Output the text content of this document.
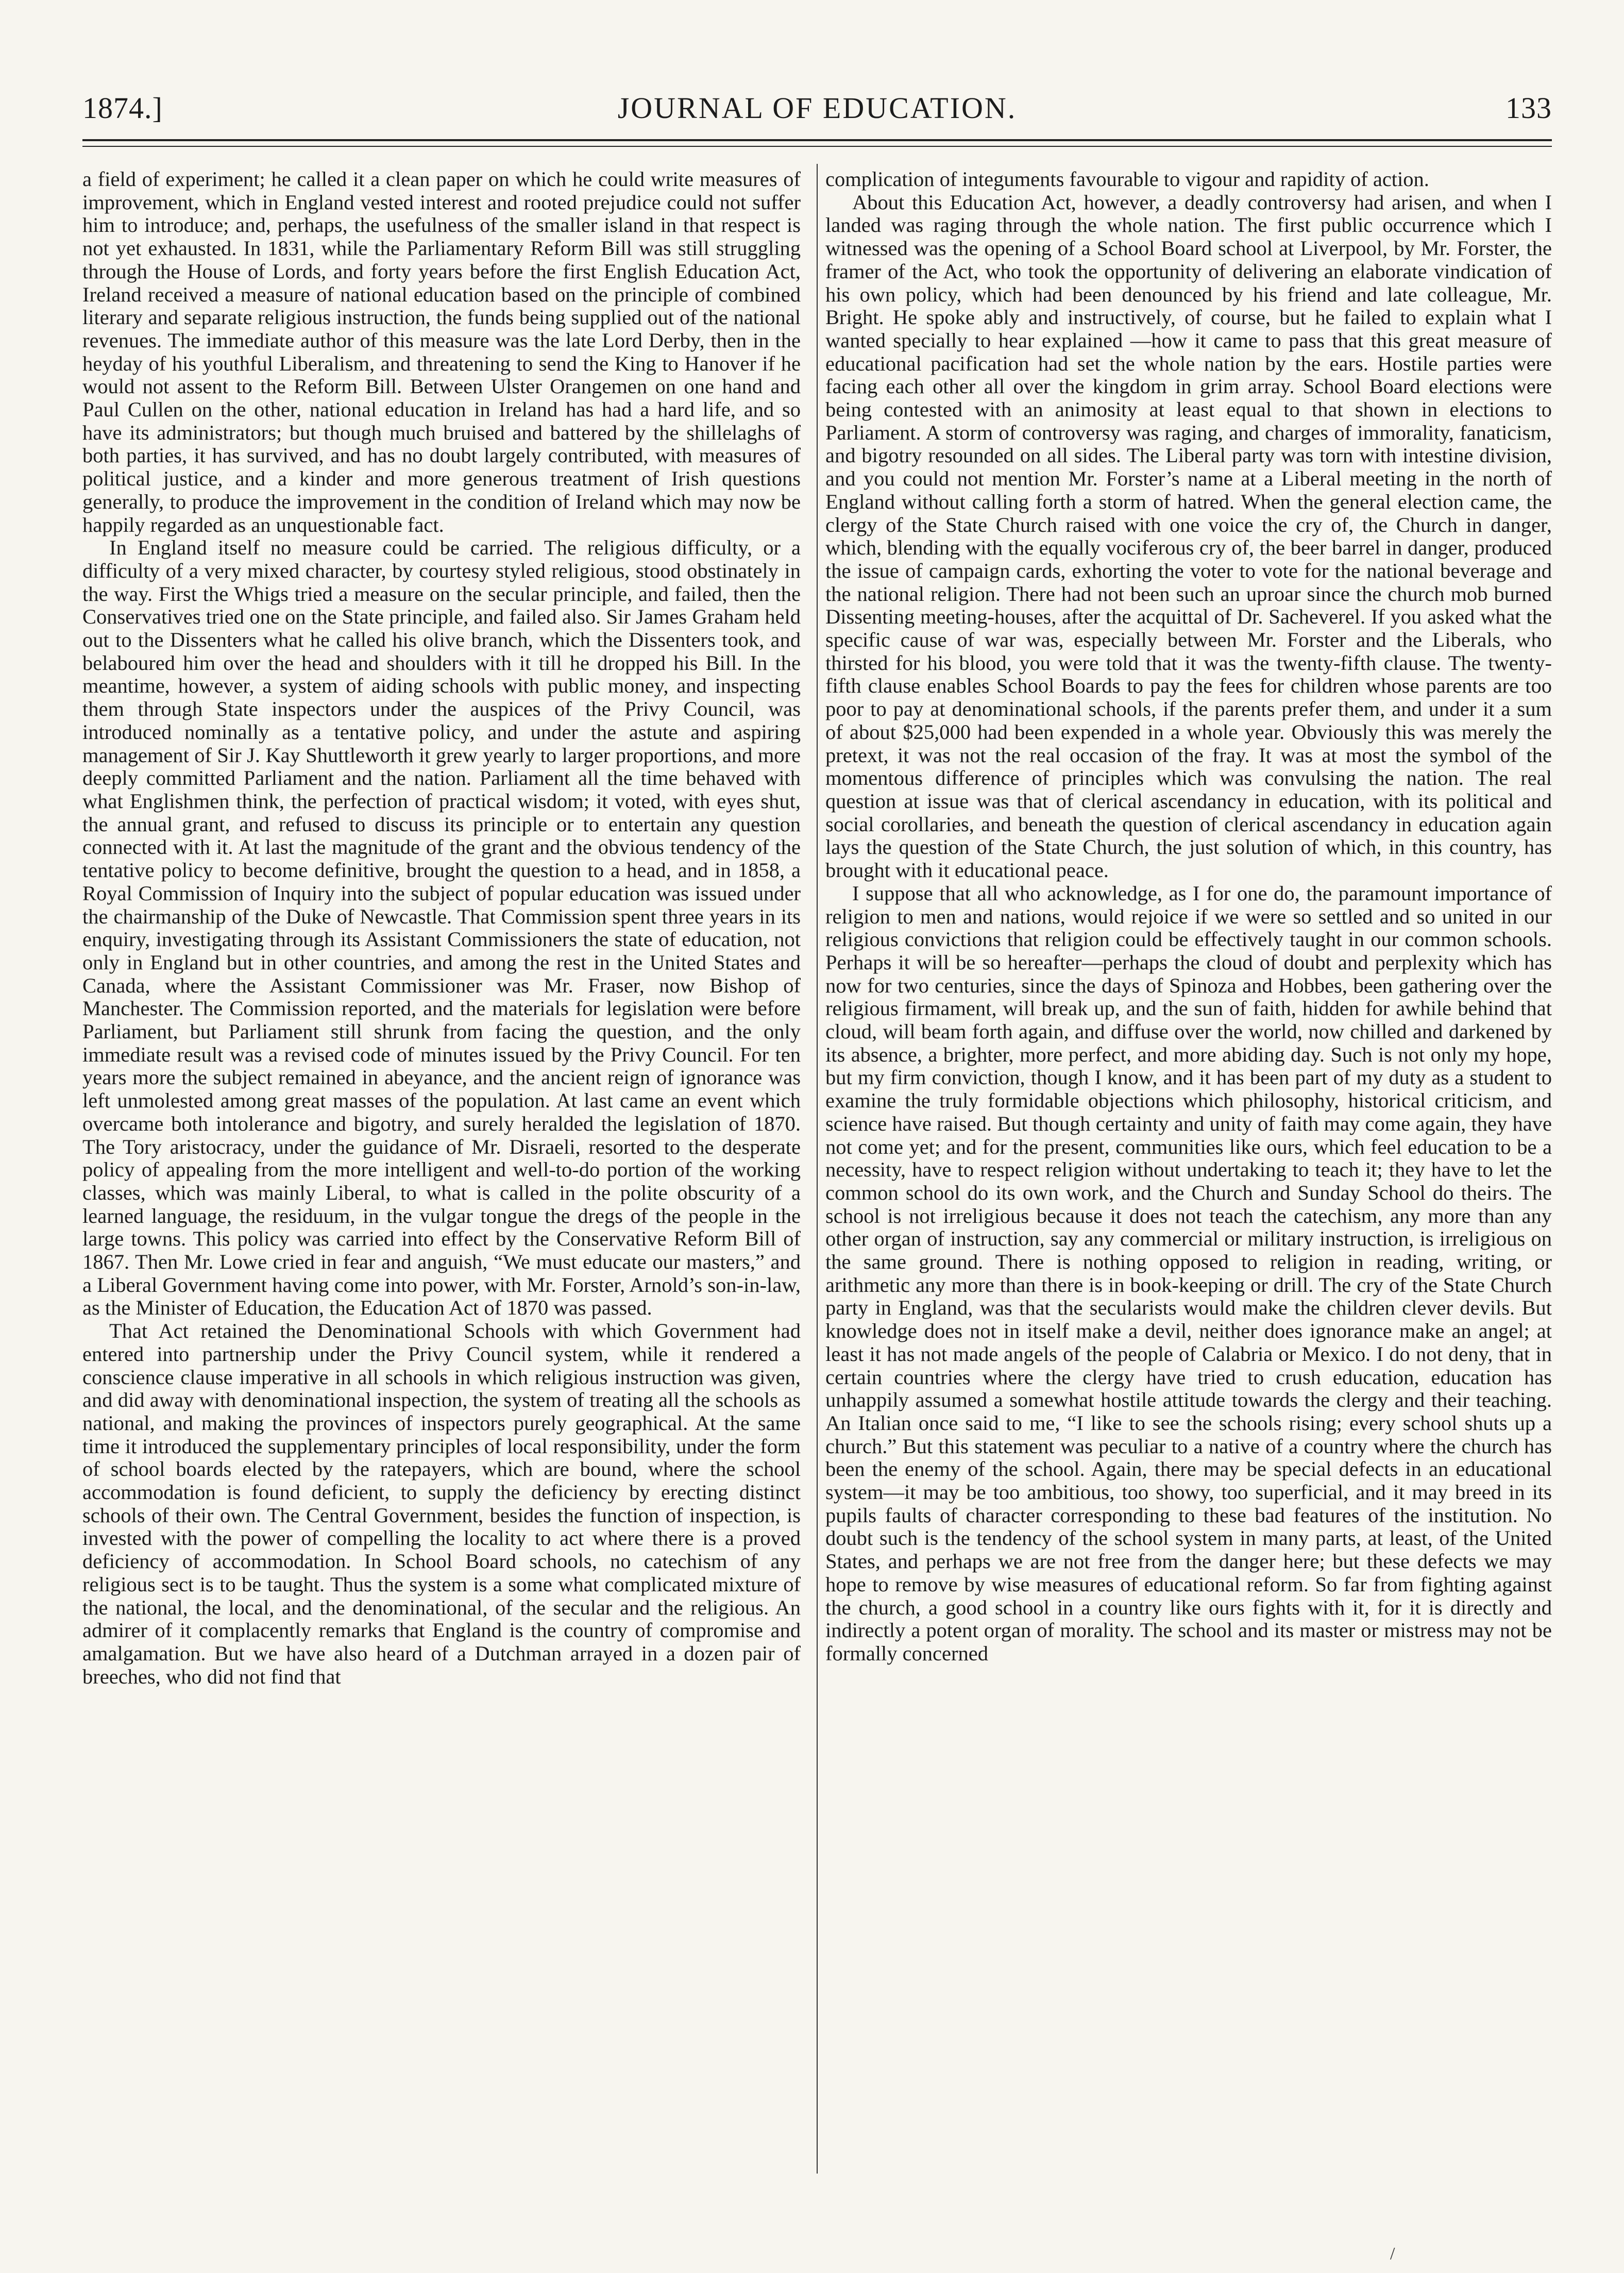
1874.]	JOURNAL OF EDUCATION.	133

a field of experiment; he called it a clean paper on which he could write measures of improvement, which in England vested interest and rooted prejudice could not suffer him to introduce; and, perhaps, the usefulness of the smaller island in that respect is not yet exhausted. In 1831, while the Parliamentary Reform Bill was still struggling through the House of Lords, and forty years before the first English Education Act, Ireland received a measure of national education based on the principle of combined literary and separate religious instruction, the funds being supplied out of the national revenues. The immediate author of this measure was the late Lord Derby, then in the heyday of his youthful Liberalism, and threatening to send the King to Hanover if he would not assent to the Reform Bill. Between Ulster Orangemen on one hand and Paul Cullen on the other, national education in Ireland has had a hard life, and so have its administrators; but though much bruised and battered by the shillelaghs of both parties, it has survived, and has no doubt largely contributed, with measures of political justice, and a kinder and more generous treatment of Irish questions generally, to produce the improvement in the condition of Ireland which may now be happily regarded as an unquestionable fact.

In England itself no measure could be carried. The religious difficulty, or a difficulty of a very mixed character, by courtesy styled religious, stood obstinately in the way. First the Whigs tried a measure on the secular principle, and failed, then the Conservatives tried one on the State principle, and failed also. Sir James Graham held out to the Dissenters what he called his olive branch, which the Dissenters took, and belaboured him over the head and shoulders with it till he dropped his Bill. In the meantime, however, a system of aiding schools with public money, and inspecting them through State inspectors under the auspices of the Privy Council, was introduced nominally as a tentative policy, and under the astute and aspiring management of Sir J. Kay Shuttleworth it grew yearly to larger proportions, and more deeply committed Parliament and the nation. Parliament all the time behaved with what Englishmen think, the perfection of practical wisdom; it voted, with eyes shut, the annual grant, and refused to discuss its principle or to entertain any question connected with it. At last the magnitude of the grant and the obvious tendency of the tentative policy to become definitive, brought the question to a head, and in 1858, a Royal Commission of Inquiry into the subject of popular education was issued under the chairmanship of the Duke of Newcastle. That Commission spent three years in its enquiry, investigating through its Assistant Commissioners the state of education, not only in England but in other countries, and among the rest in the United States and Canada, where the Assistant Commissioner was Mr. Fraser, now Bishop of Manchester. The Commission reported, and the materials for legislation were before Parliament, but Parliament still shrunk from facing the question, and the only immediate result was a revised code of minutes issued by the Privy Council. For ten years more the subject remained in abeyance, and the ancient reign of ignorance was left unmolested among great masses of the population. At last came an event which overcame both intolerance and bigotry, and surely heralded the legislation of 1870. The Tory aristocracy, under the guidance of Mr. Disraeli, resorted to the desperate policy of appealing from the more intelligent and well-to-do portion of the working classes, which was mainly Liberal, to what is called in the polite obscurity of a learned language, the residuum, in the vulgar tongue the dregs of the people in the large towns. This policy was carried into effect by the Conservative Reform Bill of 1867. Then Mr. Lowe cried in fear and anguish, “We must educate our masters,” and a Liberal Government having come into power, with Mr. Forster, Arnold’s son-in-law, as the Minister of Education, the Education Act of 1870 was passed.

That Act retained the Denominational Schools with which Government had entered into partnership under the Privy Council system, while it rendered a conscience clause imperative in all schools in which religious instruction was given, and did away with denominational inspection, the system of treating all the schools as national, and making the provinces of inspectors purely geographical. At the same time it introduced the supplementary principles of local responsibility, under the form of school boards elected by the ratepayers, which are bound, where the school accommodation is found deficient, to supply the deficiency by erecting distinct schools of their own. The Central Government, besides the function of inspection, is invested with the power of compelling the locality to act where there is a proved deficiency of accommodation. In School Board schools, no catechism of any religious sect is to be taught. Thus the system is a some what complicated mixture of the national, the local, and the denominational, of the secular and the religious. An admirer of it complacently remarks that England is the country of compromise and amalgamation. But we have also heard of a Dutchman arrayed in a dozen pair of breeches, who did not find that

complication of integuments favourable to vigour and rapidity of action.

About this Education Act, however, a deadly controversy had arisen, and when I landed was raging through the whole nation. The first public occurrence which I witnessed was the opening of a School Board school at Liverpool, by Mr. Forster, the framer of the Act, who took the opportunity of delivering an elaborate vindication of his own policy, which had been denounced by his friend and late colleague, Mr. Bright. He spoke ably and instructively, of course, but he failed to explain what I wanted specially to hear explained —how it came to pass that this great measure of educational pacification had set the whole nation by the ears. Hostile parties were facing each other all over the kingdom in grim array. School Board elections were being contested with an animosity at least equal to that shown in elections to Parliament. A storm of controversy was raging, and charges of immorality, fanaticism, and bigotry resounded on all sides. The Liberal party was torn with intestine division, and you could not mention Mr. Forster’s name at a Liberal meeting in the north of England without calling forth a storm of hatred. When the general election came, the clergy of the State Church raised with one voice the cry of, the Church in danger, which, blending with the equally vociferous cry of, the beer barrel in danger, produced the issue of campaign cards, exhorting the voter to vote for the national beverage and the national religion. There had not been such an uproar since the church mob burned Dissenting meeting-houses, after the acquittal of Dr. Sacheverel. If you asked what the specific cause of war was, especially between Mr. Forster and the Liberals, who thirsted for his blood, you were told that it was the twenty-fifth clause. The twenty-fifth clause enables School Boards to pay the fees for children whose parents are too poor to pay at denominational schools, if the parents prefer them, and under it a sum of about $25,000 had been expended in a whole year. Obviously this was merely the pretext, it was not the real occasion of the fray. It was at most the symbol of the momentous difference of principles which was convulsing the nation. The real question at issue was that of clerical ascendancy in education, with its political and social corollaries, and beneath the question of clerical ascendancy in education again lays the question of the State Church, the just solution of which, in this country, has brought with it educational peace.

I suppose that all who acknowledge, as I for one do, the paramount importance of religion to men and nations, would rejoice if we were so settled and so united in our religious convictions that religion could be effectively taught in our common schools. Perhaps it will be so hereafter—perhaps the cloud of doubt and perplexity which has now for two centuries, since the days of Spinoza and Hobbes, been gathering over the religious firmament, will break up, and the sun of faith, hidden for awhile behind that cloud, will beam forth again, and diffuse over the world, now chilled and darkened by its absence, a brighter, more perfect, and more abiding day. Such is not only my hope, but my firm conviction, though I know, and it has been part of my duty as a student to examine the truly formidable objections which philosophy, historical criticism, and science have raised. But though certainty and unity of faith may come again, they have not come yet; and for the present, communities like ours, which feel education to be a necessity, have to respect religion without undertaking to teach it; they have to let the common school do its own work, and the Church and Sunday School do theirs. The school is not irreligious because it does not teach the catechism, any more than any other organ of instruction, say any commercial or military instruction, is irreligious on the same ground. There is nothing opposed to religion in reading, writing, or arithmetic any more than there is in book-keeping or drill. The cry of the State Church party in England, was that the secularists would make the children clever devils. But knowledge does not in itself make a devil, neither does ignorance make an angel; at least it has not made angels of the people of Calabria or Mexico. I do not deny, that in certain countries where the clergy have tried to crush education, education has unhappily assumed a somewhat hostile attitude towards the clergy and their teaching. An Italian once said to me, “I like to see the schools rising; every school shuts up a church.” But this statement was peculiar to a native of a country where the church has been the enemy of the school. Again, there may be special defects in an educational system—it may be too ambitious, too showy, too superficial, and it may breed in its pupils faults of character corresponding to these bad features of the institution. No doubt such is the tendency of the school system in many parts, at least, of the United States, and perhaps we are not free from the danger here; but these defects we may hope to remove by wise measures of educational reform. So far from fighting against the church, a good school in a country like ours fights with it, for it is directly and indirectly a potent organ of morality. The school and its master or mistress may not be formally concerned

/
